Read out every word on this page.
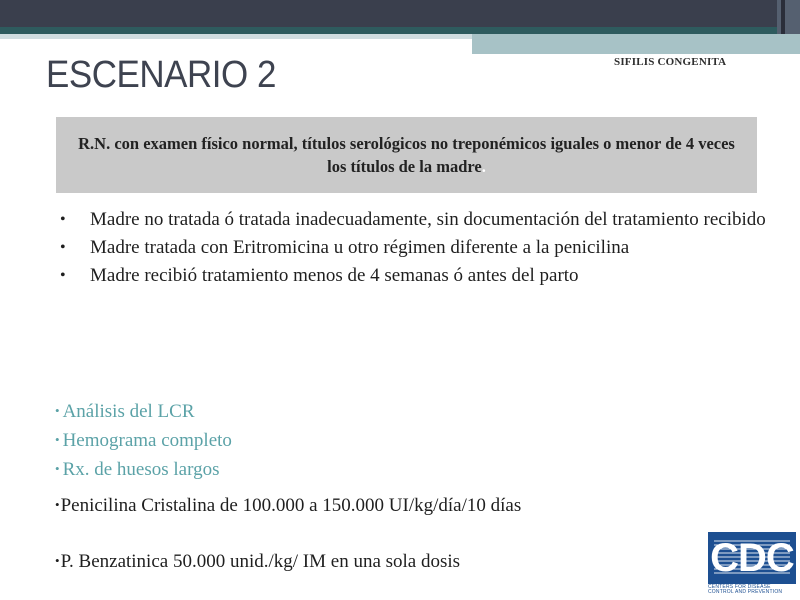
ESCENARIO 2	SIFILIS CONGENITA
R.N. con examen físico normal, títulos serológicos no treponémicos iguales o menor de 4 veces los títulos de la madre.
• Madre no tratada ó tratada inadecuadamente, sin documentación del tratamiento recibido
• Madre tratada con Eritromicina u otro régimen diferente a la penicilina
• Madre recibió tratamiento menos de 4 semanas ó antes del parto
• Análisis del LCR
• Hemograma completo
• Rx. de huesos largos
•Penicilina Cristalina de 100.000 a 150.000 UI/kg/día/10 días
•P. Benzatinica 50.000 unid./kg/ IM en una sola dosis	CDC
CENTERS FOR DISEASE
CONTROL AND PREVENTION
